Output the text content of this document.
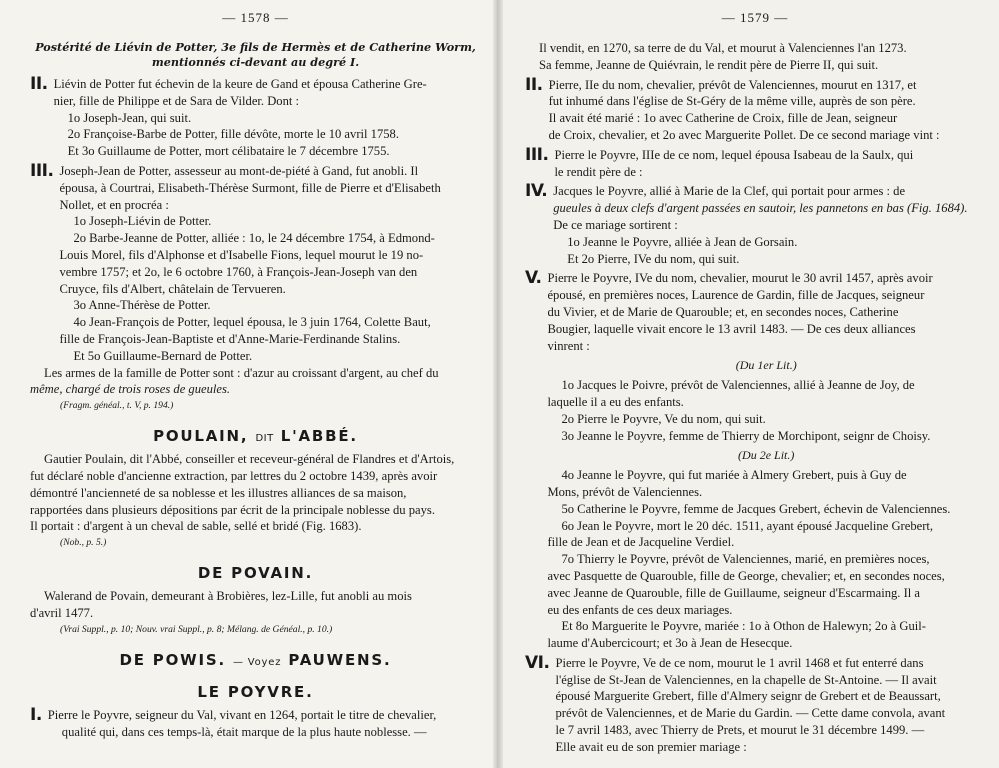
— 1578 —
Postérité de Liévin de Potter, 3e fils de Hermès et de Catherine Worm, mentionnés ci-devant au degré I.
II. Liévin de Potter fut échevin de la keure de Gand et épousa Catherine Gre-

nier, fille de Philippe et de Sara de Vilder. Dont :

1o Joseph-Jean, qui suit.

2o Françoise-Barbe de Potter, fille dévôte, morte le 10 avril 1758.

Et 3o Guillaume de Potter, mort célibataire le 7 décembre 1755.

III. Joseph-Jean de Potter, assesseur au mont-de-piété à Gand, fut anobli. Il

épousa, à Courtrai, Elisabeth-Thérèse Surmont, fille de Pierre et d'Elisabeth

Nollet, et en procréa :

1o Joseph-Liévin de Potter.

2o Barbe-Jeanne de Potter, alliée : 1o, le 24 décembre 1754, à Edmond-

Louis Morel, fils d'Alphonse et d'Isabelle Fions, lequel mourut le 19 no-

vembre 1757; et 2o, le 6 octobre 1760, à François-Jean-Joseph van den

Cruyce, fils d'Albert, châtelain de Tervueren.

3o Anne-Thérèse de Potter.

4o Jean-François de Potter, lequel épousa, le 3 juin 1764, Colette Baut,

fille de François-Jean-Baptiste et d'Anne-Marie-Ferdinande Stalins.

Et 5o Guillaume-Bernard de Potter.

Les armes de la famille de Potter sont : d'azur au croissant d'argent, au chef du

même, chargé de trois roses de gueules.

(Fragm. généal., t. V, p. 194.)

POULAIN, DIT L'ABBÉ.

Gautier Poulain, dit l'Abbé, conseiller et receveur-général de Flandres et d'Artois,

fut déclaré noble d'ancienne extraction, par lettres du 2 octobre 1439, après avoir

démontré l'ancienneté de sa noblesse et les illustres alliances de sa maison,

rapportées dans plusieurs dépositions par écrit de la principale noblesse du pays.

Il portait : d'argent à un cheval de sable, sellé et bridé (Fig. 1683).

(Nob., p. 5.)

DE POVAIN.

Walerand de Povain, demeurant à Brobières, lez-Lille, fut anobli au mois

d'avril 1477.

(Vrai Suppl., p. 10; Nouv. vrai Suppl., p. 8; Mélang. de Généal., p. 10.)

DE POWIS. — Voyez PAUWENS.
LE POYVRE.
I. Pierre le Poyvre, seigneur du Val, vivant en 1264, portait le titre de chevalier,

qualité qui, dans ces temps-là, était marque de la plus haute noblesse. —

— 1579 —

Il vendit, en 1270, sa terre de du Val, et mourut à Valenciennes l'an 1273.

Sa femme, Jeanne de Quiévrain, le rendit père de Pierre II, qui suit.

II. Pierre, IIe du nom, chevalier, prévôt de Valenciennes, mourut en 1317, et

fut inhumé dans l'église de St-Géry de la même ville, auprès de son père.

Il avait été marié : 1o avec Catherine de Croix, fille de Jean, seigneur

de Croix, chevalier, et 2o avec Marguerite Pollet. De ce second mariage vint :

III. Pierre le Poyvre, IIIe de ce nom, lequel épousa Isabeau de la Saulx, qui

le rendit père de :

IV. Jacques le Poyvre, allié à Marie de la Clef, qui portait pour armes : de

gueules à deux clefs d'argent passées en sautoir, les pannetons en bas (Fig. 1684).

De ce mariage sortirent :

1o Jeanne le Poyvre, alliée à Jean de Gorsain.

Et 2o Pierre, IVe du nom, qui suit.

V. Pierre le Poyvre, IVe du nom, chevalier, mourut le 30 avril 1457, après avoir

épousé, en premières noces, Laurence de Gardin, fille de Jacques, seigneur

du Vivier, et de Marie de Quarouble; et, en secondes noces, Catherine

Bougier, laquelle vivait encore le 13 avril 1483. — De ces deux alliances

vinrent :

(Du 1er Lit.)

1o Jacques le Poivre, prévôt de Valenciennes, allié à Jeanne de Joy, de

laquelle il a eu des enfants.

2o Pierre le Poyvre, Ve du nom, qui suit.

3o Jeanne le Poyvre, femme de Thierry de Morchipont, seignr de Choisy.

(Du 2e Lit.)

4o Jeanne le Poyvre, qui fut mariée à Almery Grebert, puis à Guy de

Mons, prévôt de Valenciennes.

5o Catherine le Poyvre, femme de Jacques Grebert, échevin de Valenciennes.

6o Jean le Poyvre, mort le 20 déc. 1511, ayant épousé Jacqueline Grebert,

fille de Jean et de Jacqueline Verdiel.

7o Thierry le Poyvre, prévôt de Valenciennes, marié, en premières noces,

avec Pasquette de Quarouble, fille de George, chevalier; et, en secondes noces,

avec Jeanne de Quarouble, fille de Guillaume, seigneur d'Escarmaing. Il a

eu des enfants de ces deux mariages.

Et 8o Marguerite le Poyvre, mariée : 1o à Othon de Halewyn; 2o à Guil-

laume d'Aubercicourt; et 3o à Jean de Hesecque.

VI. Pierre le Poyvre, Ve de ce nom, mourut le 1 avril 1468 et fut enterré dans

l'église de St-Jean de Valenciennes, en la chapelle de St-Antoine. — Il avait

épousé Marguerite Grebert, fille d'Almery seignr de Grebert et de Beaussart,

prévôt de Valenciennes, et de Marie du Gardin. — Cette dame convola, avant

le 7 avril 1483, avec Thierry de Prets, et mourut le 31 décembre 1499. —

Elle avait eu de son premier mariage :
